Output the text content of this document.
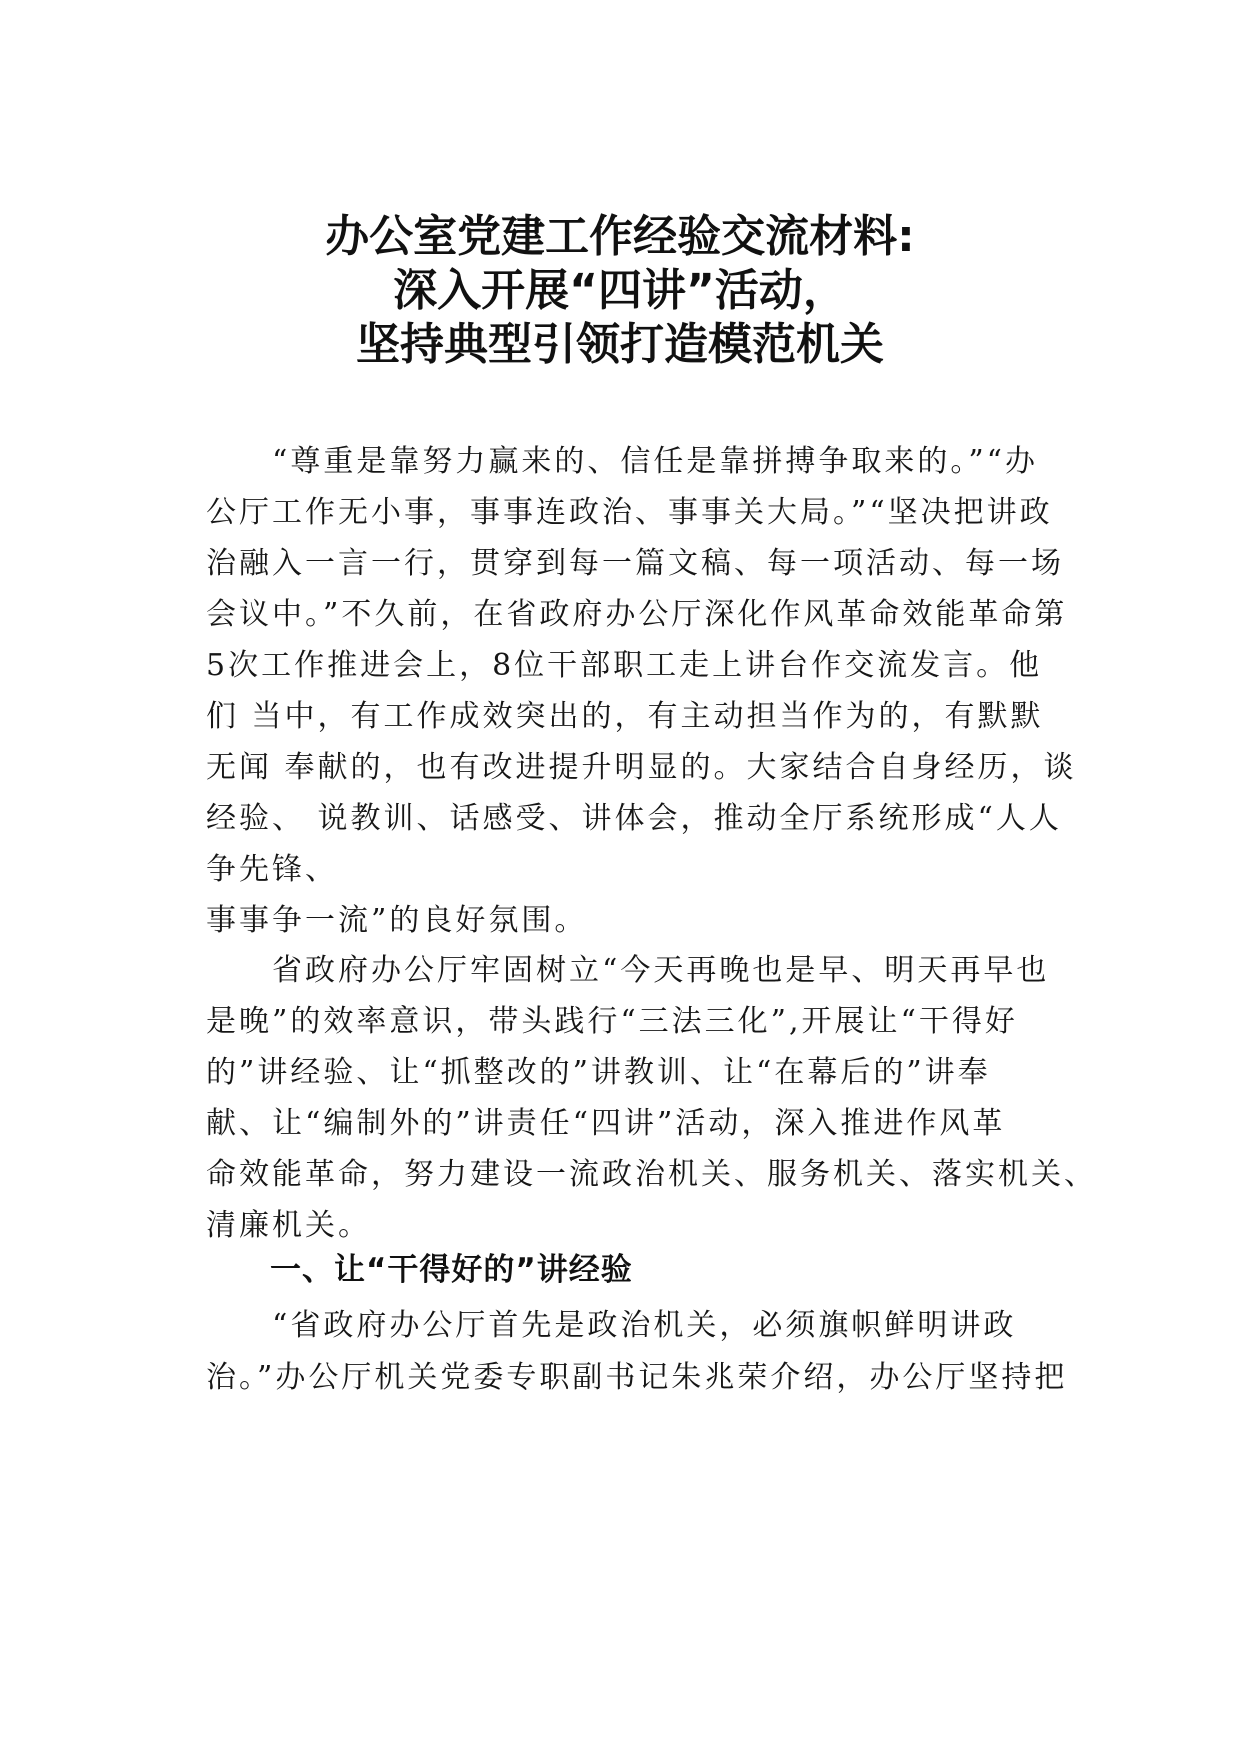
办公室党建工作经验交流材料:
深入开展“四讲”活动，
坚持典型引领打造模范机关
　　“尊重是靠努力赢来的、信任是靠拼搏争取来的。”“办
公厅工作无小事，事事连政治、事事关大局。”“坚决把讲政
治融入一言一行，贯穿到每一篇文稿、每一项活动、每一场
会议中。”不久前，在省政府办公厅深化作风革命效能革命第
5次工作推进会上，8位干部职工走上讲台作交流发言。他
们 当中，有工作成效突出的，有主动担当作为的，有默默
无闻 奉献的，也有改进提升明显的。大家结合自身经历，谈
经验、 说教训、话感受、讲体会，推动全厅系统形成“人人
争先锋、
事事争一流”的良好氛围。
　　省政府办公厅牢固树立“今天再晚也是早、明天再早也
是晚”的效率意识，带头践行“三法三化”,开展让“干得好
的”讲经验、让“抓整改的”讲教训、让“在幕后的”讲奉
献、让“编制外的”讲责任“四讲”活动，深入推进作风革
命效能革命，努力建设一流政治机关、服务机关、落实机关、
清廉机关。
一、让“干得好的”讲经验
　　“省政府办公厅首先是政治机关，必须旗帜鲜明讲政
治。”办公厅机关党委专职副书记朱兆荣介绍，办公厅坚持把
